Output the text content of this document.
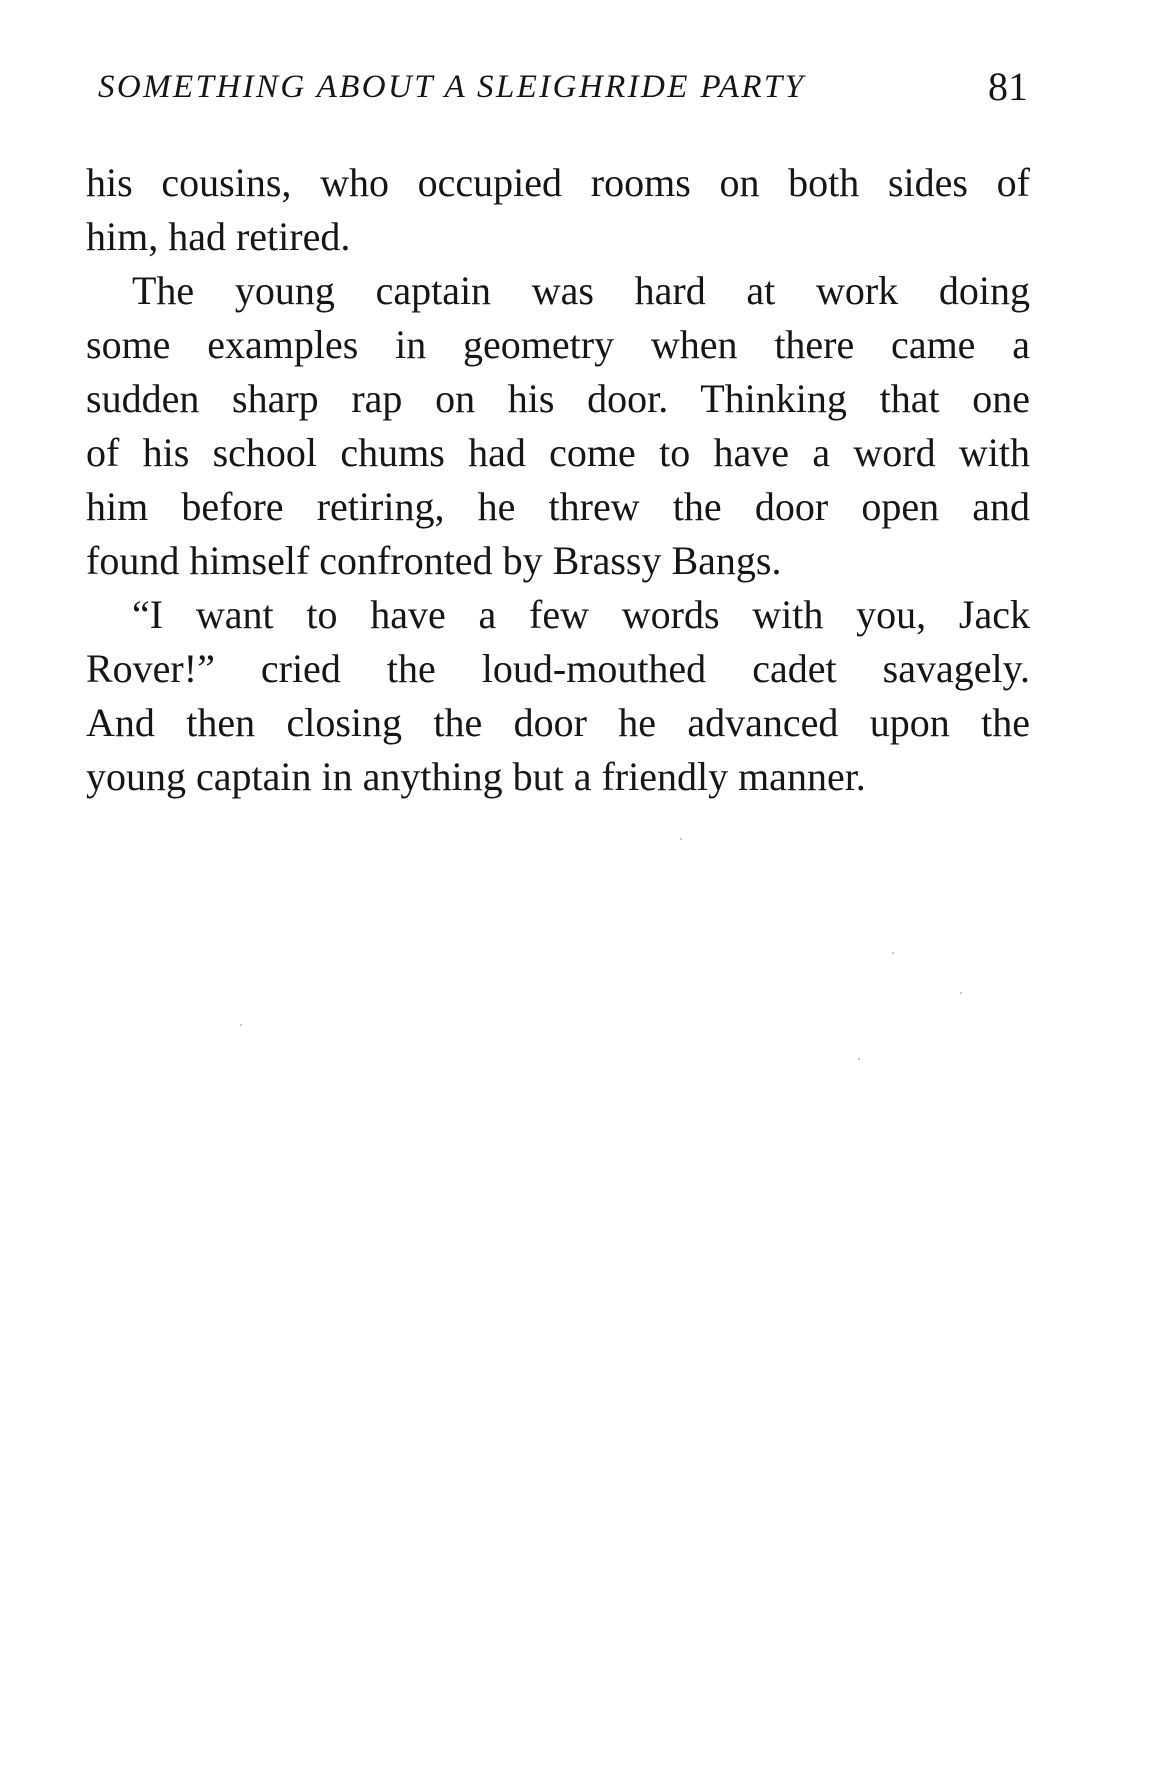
SOMETHING ABOUT A SLEIGHRIDE PARTY	81
his cousins, who occupied rooms on both sides of
him, had retired.
The young captain was hard at work doing
some examples in geometry when there came a
sudden sharp rap on his door. Thinking that one
of his school chums had come to have a word with
him before retiring, he threw the door open and
found himself confronted by Brassy Bangs.
“I want to have a few words with you, Jack
Rover!” cried the loud-mouthed cadet savagely.
And then closing the door he advanced upon the
young captain in anything but a friendly manner.
